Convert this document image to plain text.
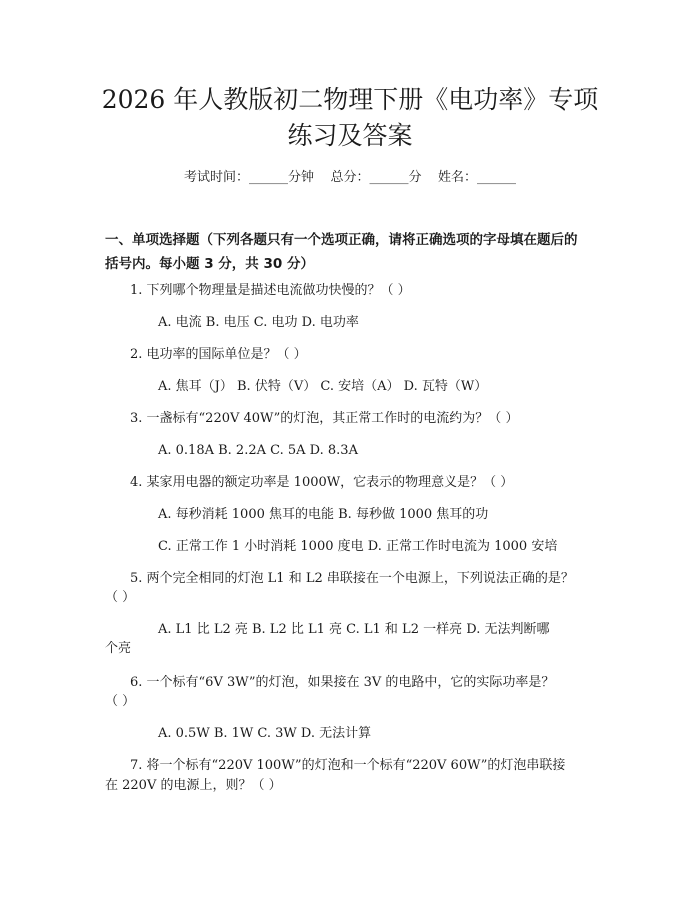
2026 年人教版初二物理下册《电功率》专项
练习及答案
考试时间：______分钟    总分：______分    姓名：______
一、单项选择题（下列各题只有一个选项正确，请将正确选项的字母填在题后的
括号内。每小题 3 分，共 30 分）
1. 下列哪个物理量是描述电流做功快慢的？（ ）
A. 电流 B. 电压 C. 电功 D. 电功率
2. 电功率的国际单位是？（ ）
A. 焦耳（J） B. 伏特（V） C. 安培（A） D. 瓦特（W）
3. 一盏标有“220V 40W”的灯泡，其正常工作时的电流约为？（ ）
A. 0.18A B. 2.2A C. 5A D. 8.3A
4. 某家用电器的额定功率是 1000W，它表示的物理意义是？（ ）
A. 每秒消耗 1000 焦耳的电能 B. 每秒做 1000 焦耳的功
C. 正常工作 1 小时消耗 1000 度电 D. 正常工作时电流为 1000 安培
5. 两个完全相同的灯泡 L1 和 L2 串联接在一个电源上，下列说法正确的是？
（ ）
A. L1 比 L2 亮 B. L2 比 L1 亮 C. L1 和 L2 一样亮 D. 无法判断哪
个亮
6. 一个标有“6V 3W”的灯泡，如果接在 3V 的电路中，它的实际功率是？
（ ）
A. 0.5W B. 1W C. 3W D. 无法计算
7. 将一个标有“220V 100W”的灯泡和一个标有“220V 60W”的灯泡串联接
在 220V 的电源上，则？（ ）
